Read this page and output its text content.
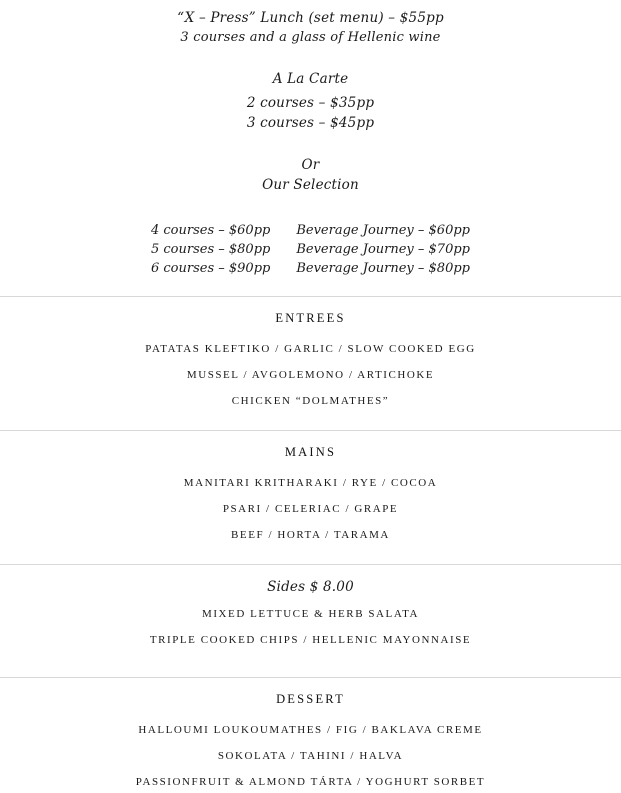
“X – Press” Lunch (set menu) – $55pp
3 courses and a glass of Hellenic wine
A La Carte
2 courses – $35pp
3 courses – $45pp
Or
Our Selection
4 courses – $60pp
5 courses – $80pp
6 courses – $90pp
Beverage Journey – $60pp
Beverage Journey – $70pp
Beverage Journey – $80pp
ENTREES
PATATAS KLEFTIKO / GARLIC / SLOW COOKED EGG
MUSSEL / AVGOLEMONO / ARTICHOKE
CHICKEN “DOLMATHES”
MAINS
MANITARI KRITHARAKI / RYE / COCOA
PSARI / CELERIAC / GRAPE
BEEF / HORTA / TARAMA
Sides $ 8.00
MIXED LETTUCE & HERB SALATA
TRIPLE COOKED CHIPS / HELLENIC MAYONNAISE
DESSERT
HALLOUMI LOUKOUMATHES / FIG / BAKLAVA CREME
SOKOLATA / TAHINI / HALVA
PASSIONFRUIT & ALMOND TÁRTA / YOGHURT SORBET
